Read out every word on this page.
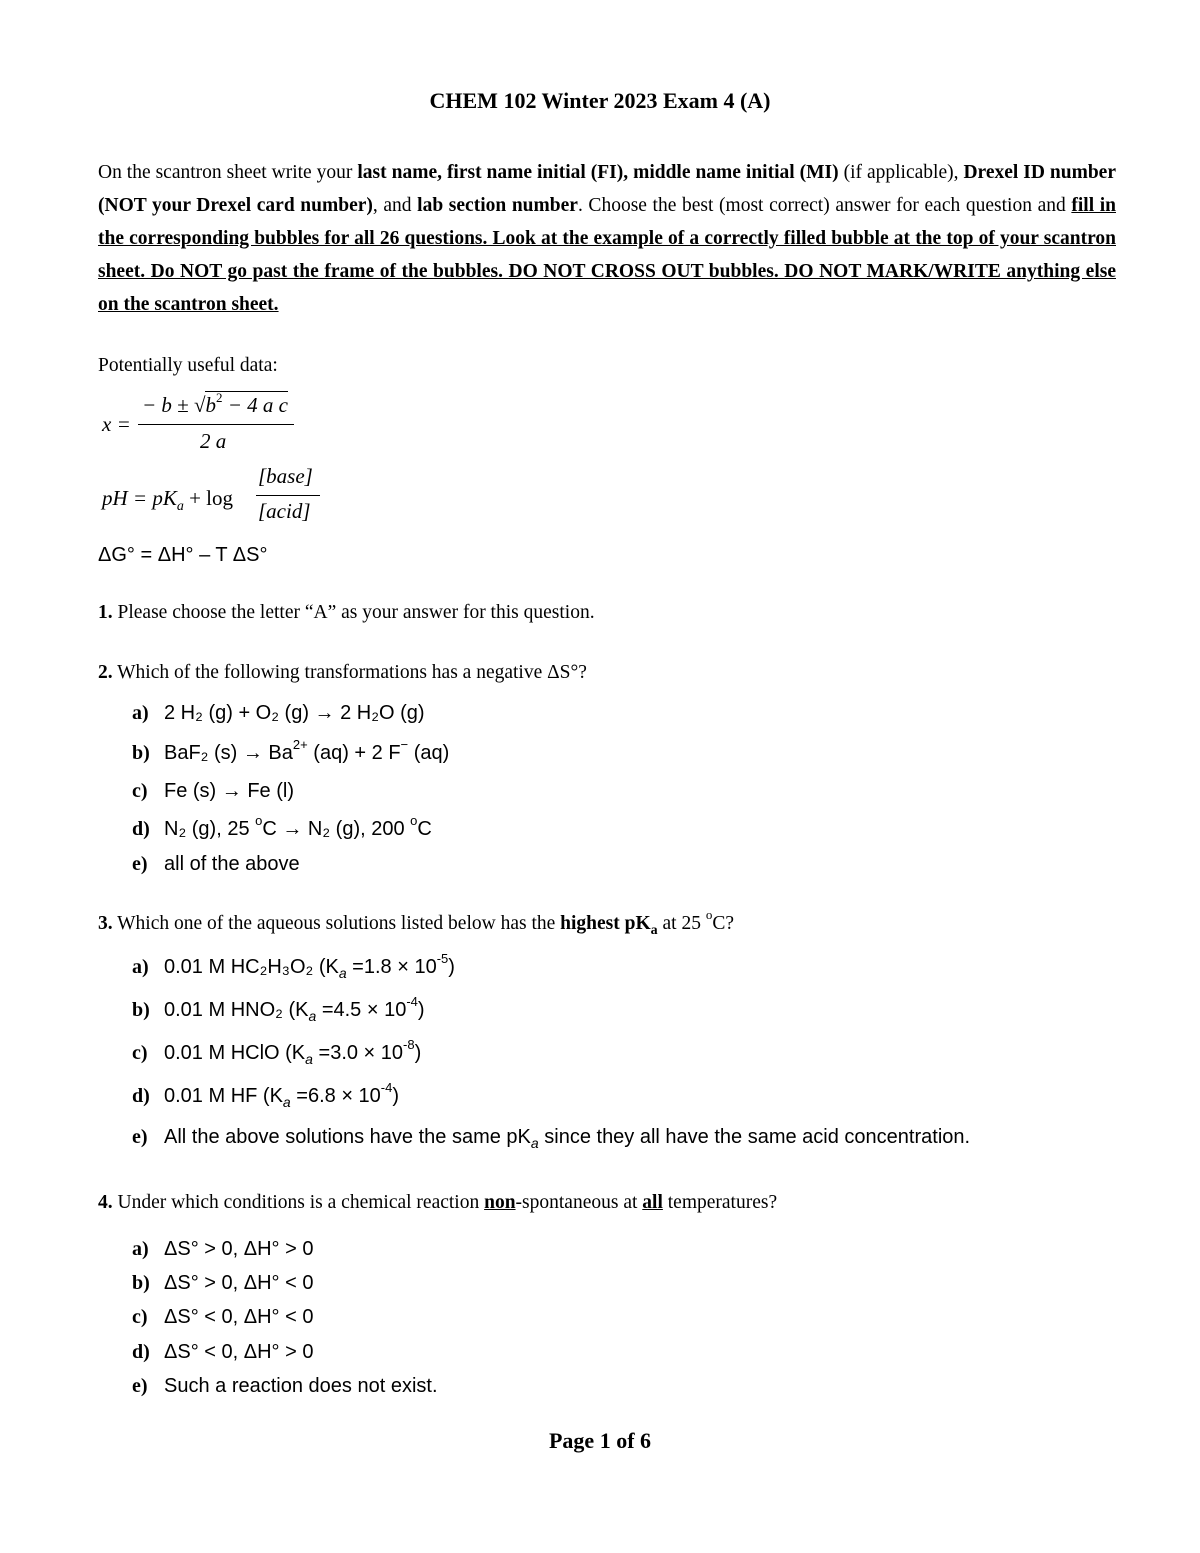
CHEM 102 Winter 2023 Exam 4 (A)
On the scantron sheet write your last name, first name initial (FI), middle name initial (MI) (if applicable), Drexel ID number (NOT your Drexel card number), and lab section number. Choose the best (most correct) answer for each question and fill in the corresponding bubbles for all 26 questions. Look at the example of a correctly filled bubble at the top of your scantron sheet. Do NOT go past the frame of the bubbles. DO NOT CROSS OUT bubbles. DO NOT MARK/WRITE anything else on the scantron sheet.
Potentially useful data:
x =
− $b \pm √b^2 - 4$ a c
2 a
pH = $pK_a + \log$
[base]
[acid]
ΔG° = ΔH° – T ΔS°
1. Please choose the letter “A” as your answer for this question.
2. Which of the following transformations has a negative ΔS°?
a) 2 H₂ (g) + O₂ (g) → 2 H₂O (g)
b) BaF₂ $(s) \to Ba^{2+}$ (aq) + 2 F− (aq)
c) Fe (s) → Fe (l)
d) N₂ (g), 25 $^o$C → N₂ (g), 200 $^o$C
e) all of the above
3. Which one of the aqueous solutions listed below has the highest $pK_a$ at 25 $^o$C?
a) 0.01 M HC₂H₃O₂ $(K_a =1.8 \times 10^{-5})$
b) 0.01 M HNO₂ $(K_a =4.5 \times 10^{-4})$
c) 0.01 M HClO $(K_a =3.0 \times 10^{-8})$
d) 0.01 M HF $(K_a =6.8 \times 10^{-4})$
e) All the above solutions have the same $pK_a$ since they all have the same acid concentration.
4. Under which conditions is a chemical reaction non-spontaneous at all temperatures?
a) ΔS° > 0, ΔH° > 0
b) ΔS° > 0, ΔH° < 0
c) ΔS° < 0, ΔH° < 0
d) ΔS° < 0, ΔH° > 0
e) Such a reaction does not exist.
Page 1 of 6
